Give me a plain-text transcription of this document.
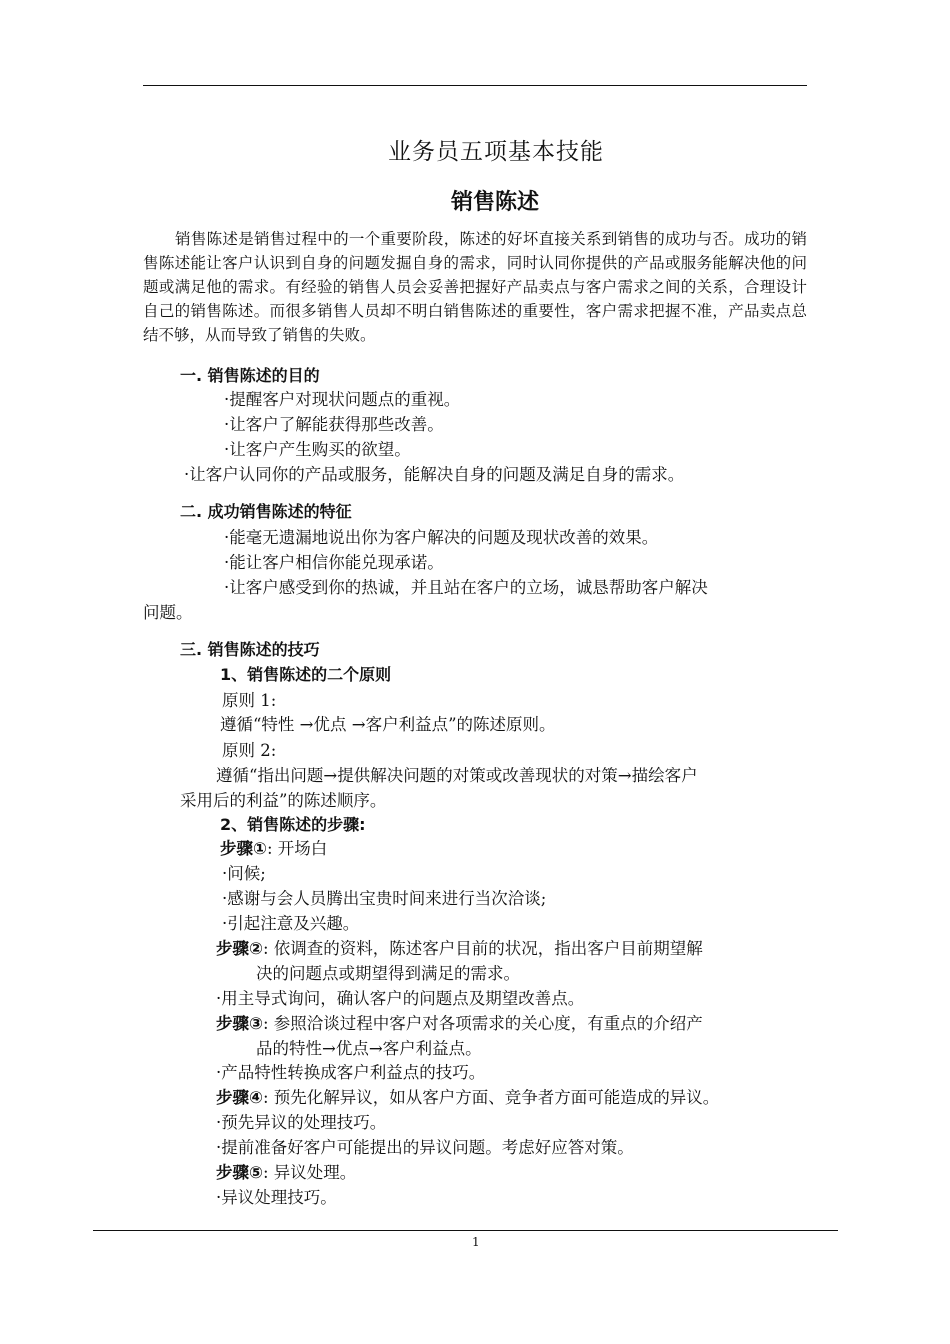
业务员五项基本技能
销售陈述
销售陈述是销售过程中的一个重要阶段，陈述的好坏直接关系到销售的成功与否。成功的销售陈述能让客户认识到自身的问题发掘自身的需求，同时认同你提供的产品或服务能解决他的问题或满足他的需求。有经验的销售人员会妥善把握好产品卖点与客户需求之间的关系，合理设计自己的销售陈述。而很多销售人员却不明白销售陈述的重要性，客户需求把握不准，产品卖点总结不够，从而导致了销售的失败。
一. 销售陈述的目的
·提醒客户对现状问题点的重视。
·让客户了解能获得那些改善。
·让客户产生购买的欲望。
·让客户认同你的产品或服务，能解决自身的问题及满足自身的需求。
二. 成功销售陈述的特征
·能毫无遗漏地说出你为客户解决的问题及现状改善的效果。
·能让客户相信你能兑现承诺。
·让客户感受到你的热诚，并且站在客户的立场，诚恳帮助客户解决
问题。
三. 销售陈述的技巧
1、销售陈述的二个原则
原则 1:
遵循“特性 →优点 →客户利益点”的陈述原则。
原则 2:
遵循“指出问题→提供解决问题的对策或改善现状的对策→描绘客户
采用后的利益”的陈述顺序。
2、销售陈述的步骤:
步骤①: 开场白
·问候;
·感谢与会人员腾出宝贵时间来进行当次洽谈;
·引起注意及兴趣。
步骤②: 依调查的资料，陈述客户目前的状况，指出客户目前期望解
决的问题点或期望得到满足的需求。
·用主导式询问，确认客户的问题点及期望改善点。
步骤③: 参照洽谈过程中客户对各项需求的关心度，有重点的介绍产
品的特性→优点→客户利益点。
·产品特性转换成客户利益点的技巧。
步骤④: 预先化解异议，如从客户方面、竞争者方面可能造成的异议。
·预先异议的处理技巧。
·提前准备好客户可能提出的异议问题。考虑好应答对策。
步骤⑤: 异议处理。
·异议处理技巧。
1
